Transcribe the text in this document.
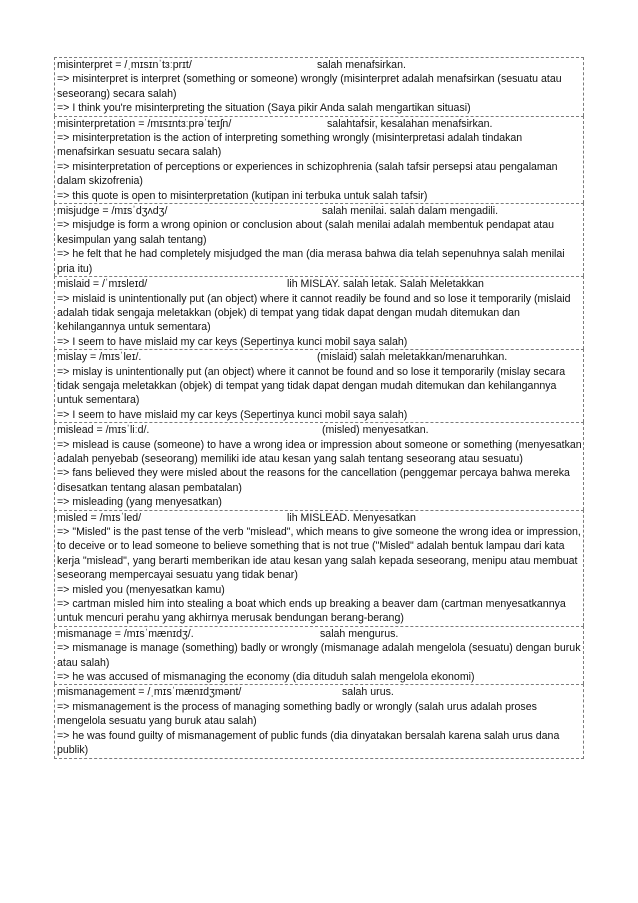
misinterpret = /ˌmɪsɪnˈtɜːprɪt/	salah menafsirkan.
=> misinterpret is interpret (something or someone) wrongly (misinterpret adalah menafsirkan (sesuatu atau seseorang) secara salah)
=> I think you're misinterpreting the situation (Saya pikir Anda salah mengartikan situasi)
misinterpretation = /mɪsɪntɜːprəˈteɪʃn/	salahtafsir, kesalahan menafsirkan.
=> misinterpretation is the action of interpreting something wrongly (misinterpretasi adalah tindakan menafsirkan sesuatu secara salah)
=> misinterpretation of perceptions or experiences in schizophrenia (salah tafsir persepsi atau pengalaman dalam skizofrenia)
=> this quote is open to misinterpretation (kutipan ini terbuka untuk salah tafsir)
misjudge = /mɪsˈdʒʌdʒ/	salah menilai. salah dalam mengadili.
=> misjudge is form a wrong opinion or conclusion about (salah menilai adalah membentuk pendapat atau kesimpulan yang salah tentang)
=> he felt that he had completely misjudged the man (dia merasa bahwa dia telah sepenuhnya salah menilai pria itu)
mislaid = /ˈmɪsleɪd/	lih MISLAY. salah letak. Salah Meletakkan
=> mislaid is unintentionally put (an object) where it cannot readily be found and so lose it temporarily (mislaid adalah tidak sengaja meletakkan (objek) di tempat yang tidak dapat dengan mudah ditemukan dan kehilangannya untuk sementara)
=> I seem to have mislaid my car keys (Sepertinya kunci mobil saya salah)
mislay = /mɪsˈleɪ/.	(mislaid) salah meletakkan/menaruhkan.
=> mislay is unintentionally put (an object) where it cannot be found and so lose it temporarily (mislay secara tidak sengaja meletakkan (objek) di tempat yang tidak dapat dengan mudah ditemukan dan kehilangannya untuk sementara)
=> I seem to have mislaid my car keys (Sepertinya kunci mobil saya salah)
mislead = /mɪsˈliːd/.	(misled) menyesatkan.
=> mislead is cause (someone) to have a wrong idea or impression about someone or something (menyesatkan adalah penyebab (seseorang) memiliki ide atau kesan yang salah tentang seseorang atau sesuatu)
=> fans believed they were misled about the reasons for the cancellation (penggemar percaya bahwa mereka disesatkan tentang alasan pembatalan)
=> misleading (yang menyesatkan)
misled = /mɪsˈled/	lih MISLEAD. Menyesatkan
=> "Misled" is the past tense of the verb "mislead", which means to give someone the wrong idea or impression, to deceive or to lead someone to believe something that is not true ("Misled" adalah bentuk lampau dari kata kerja "mislead", yang berarti memberikan ide atau kesan yang salah kepada seseorang, menipu atau membuat seseorang mempercayai sesuatu yang tidak benar)
=> misled you (menyesatkan kamu)
=> cartman misled him into stealing a boat which ends up breaking a beaver dam (cartman menyesatkannya untuk mencuri perahu yang akhirnya merusak bendungan berang-berang)
mismanage = /mɪsˈmænɪdʒ/.	salah mengurus.
=> mismanage is manage (something) badly or wrongly (mismanage adalah mengelola (sesuatu) dengan buruk atau salah)
=> he was accused of mismanaging the economy (dia dituduh salah mengelola ekonomi)
mismanagement = /ˌmɪsˈmænɪdʒmənt/	salah urus.
=> mismanagement is the process of managing something badly or wrongly (salah urus adalah proses mengelola sesuatu yang buruk atau salah)
=> he was found guilty of mismanagement of public funds (dia dinyatakan bersalah karena salah urus dana publik)
